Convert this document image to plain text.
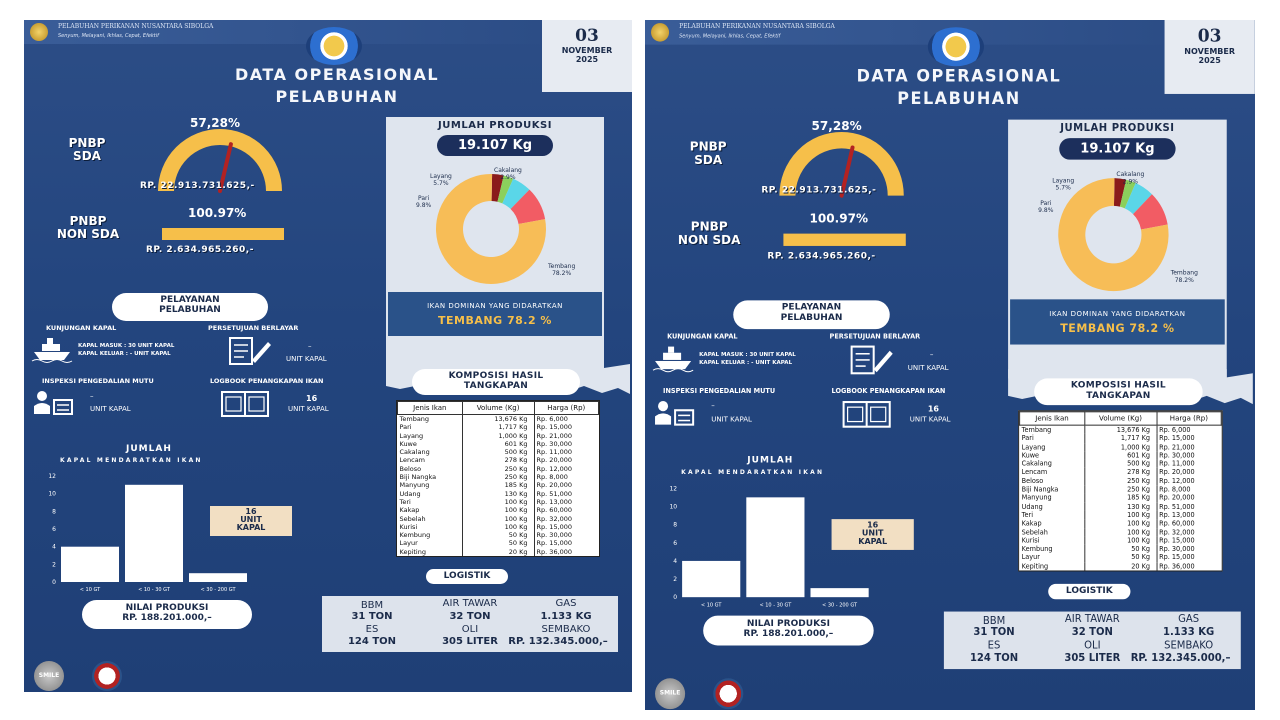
PELABUHAN PERIKANAN NUSANTARA SIBOLGA
Senyum, Melayani, Ikhlas, Cepat, Efektif	03
NOVEMBER
2025
DATA OPERASIONAL
PELABUHAN
PNBP
SDA
57,28%
RP. 22.913.731.625,-
PNBP
NON SDA
100.97%
RP. 2.634.965.260,-
JUMLAH PRODUKSI
19.107 Kg
Layang
5.7%
Cakalang
2.9%
Pari
9.8%
Tembang
78.2%
IKAN DOMINAN YANG DIDARATKAN
TEMBANG 78.2 %
PELAYANAN
PELABUHAN
KUNJUNGAN KAPAL
KAPAL MASUK : 30 UNIT KAPAL
KAPAL KELUAR : - UNIT KAPAL
PERSETUJUAN BERLAYAR
–
UNIT KAPAL
INSPEKSI PENGEDALIAN MUTU
–
UNIT KAPAL
LOGBOOK PENANGKAPAN IKAN
16
UNIT KAPAL
JUMLAH
KAPAL MENDARATKAN IKAN
0
2
4
6
8
10
12
< 10 GT	< 10 - 30 GT	< 30 - 200 GT
16
UNIT
KAPAL
NILAI PRODUKSI
RP. 188.201.000,–
KOMPOSISI HASIL
TANGKAPAN
Jenis Ikan	Volume (Kg)	Harga (Rp)
Tembang	13,676 Kg	Rp. 6,000
Pari	1,717 Kg	Rp. 15,000
Layang	1,000 Kg	Rp. 21,000
Kuwe	601 Kg	Rp. 30,000
Cakalang	500 Kg	Rp. 11,000
Lencam	278 Kg	Rp. 20,000
Beloso	250 Kg	Rp. 12,000
Biji Nangka	250 Kg	Rp. 8,000
Manyung	185 Kg	Rp. 20,000
Udang	130 Kg	Rp. 51,000
Teri	100 Kg	Rp. 13,000
Kakap	100 Kg	Rp. 60,000
Sebelah	100 Kg	Rp. 32,000
Kurisi	100 Kg	Rp. 15,000
Kembung	50 Kg	Rp. 30,000
Layur	50 Kg	Rp. 15,000
Kepiting	20 Kg	Rp. 36,000
LOGISTIK
BBM
31 TON
AIR TAWAR
32 TON
GAS
1.133 KG
ES
124 TON
OLI
305 LITER
SEMBAKO
RP. 132.345.000,–
SMILE
PELABUHAN PERIKANAN NUSANTARA SIBOLGA
Senyum, Melayani, Ikhlas, Cepat, Efektif	03
NOVEMBER
2025
DATA OPERASIONAL
PELABUHAN
PNBP
SDA
57,28%
RP. 22.913.731.625,-
PNBP
NON SDA
100.97%
RP. 2.634.965.260,-
JUMLAH PRODUKSI
19.107 Kg
Layang
5.7%
Cakalang
2.9%
Pari
9.8%
Tembang
78.2%
IKAN DOMINAN YANG DIDARATKAN
TEMBANG 78.2 %
PELAYANAN
PELABUHAN
KUNJUNGAN KAPAL
KAPAL MASUK : 30 UNIT KAPAL
KAPAL KELUAR : - UNIT KAPAL
PERSETUJUAN BERLAYAR
–
UNIT KAPAL
INSPEKSI PENGEDALIAN MUTU
–
UNIT KAPAL
LOGBOOK PENANGKAPAN IKAN
16
UNIT KAPAL
JUMLAH
KAPAL MENDARATKAN IKAN
0
2
4
6
8
10
12
< 10 GT	< 10 - 30 GT	< 30 - 200 GT
16
UNIT
KAPAL
NILAI PRODUKSI
RP. 188.201.000,–
KOMPOSISI HASIL
TANGKAPAN
Jenis Ikan	Volume (Kg)	Harga (Rp)
Tembang	13,676 Kg	Rp. 6,000
Pari	1,717 Kg	Rp. 15,000
Layang	1,000 Kg	Rp. 21,000
Kuwe	601 Kg	Rp. 30,000
Cakalang	500 Kg	Rp. 11,000
Lencam	278 Kg	Rp. 20,000
Beloso	250 Kg	Rp. 12,000
Biji Nangka	250 Kg	Rp. 8,000
Manyung	185 Kg	Rp. 20,000
Udang	130 Kg	Rp. 51,000
Teri	100 Kg	Rp. 13,000
Kakap	100 Kg	Rp. 60,000
Sebelah	100 Kg	Rp. 32,000
Kurisi	100 Kg	Rp. 15,000
Kembung	50 Kg	Rp. 30,000
Layur	50 Kg	Rp. 15,000
Kepiting	20 Kg	Rp. 36,000
LOGISTIK
BBM
31 TON
AIR TAWAR
32 TON
GAS
1.133 KG
ES
124 TON
OLI
305 LITER
SEMBAKO
RP. 132.345.000,–
SMILE
